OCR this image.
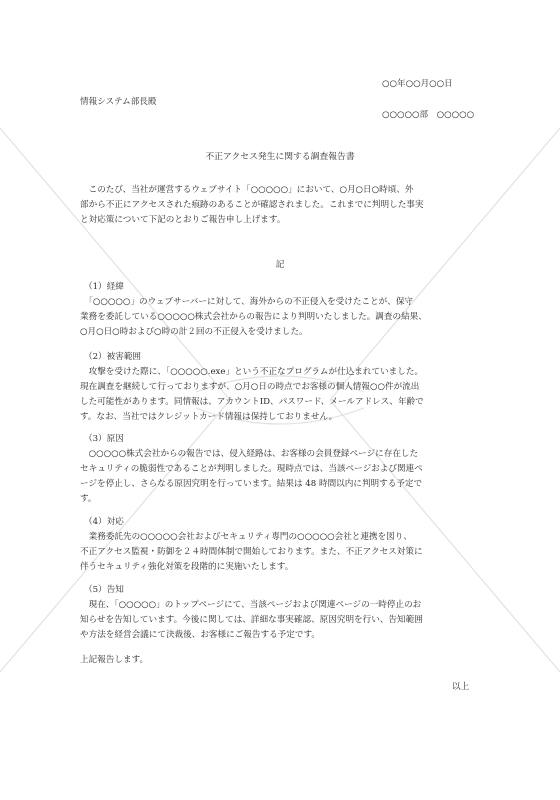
○○年○○月○○日
情報システム部長殿
○○○○○部　○○○○○
不正アクセス発生に関する調査報告書

　このたび、当社が運営するウェブサイト「○○○○○」において、○月○日○時頃、外

部から不正にアクセスされた痕跡のあることが確認されました。これまでに判明した事実

と対応策について下記のとおりご報告申し上げます。

記
（1）経緯

　「○○○○○」のウェブサーバーに対して、海外からの不正侵入を受けたことが、保守

業務を委託している○○○○○株式会社からの報告により判明いたしました。調査の結果、

○月○日○時および○時の計２回の不正侵入を受けました。

（2）被害範囲

　攻撃を受けた際に、「○○○○○.exe」という不正なプログラムが仕込まれていました。

現在調査を継続して行っておりますが、○月○日の時点でお客様の個人情報○○件が流出

した可能性があります。同情報は、アカウントID、パスワード、メールアドレス、年齢で

す。なお、当社ではクレジットカード情報は保持しておりません。

（3）原因

　○○○○○株式会社からの報告では、侵入経路は、お客様の会員登録ページに存在した

セキュリティの脆弱性であることが判明しました。現時点では、当該ページおよび関連ペ

ージを停止し、さらなる原因究明を行っています。結果は 48 時間以内に判明する予定で

す。

（4）対応

　業務委託先の○○○○○会社およびセキュリティ専門の○○○○○会社と連携を図り、

不正アクセス監視・防御を２４時間体制で開始しております。また、不正アクセス対策に

伴うセキュリティ強化対策を段階的に実施いたします。

（5）告知

　現在、「○○○○○」のトップページにて、当該ページおよび関連ページの一時停止のお

知らせを告知しています。今後に関しては、詳細な事実確認、原因究明を行い、告知範囲

や方法を経営会議にて決裁後、お客様にご報告する予定です。

上記報告します。
以上
